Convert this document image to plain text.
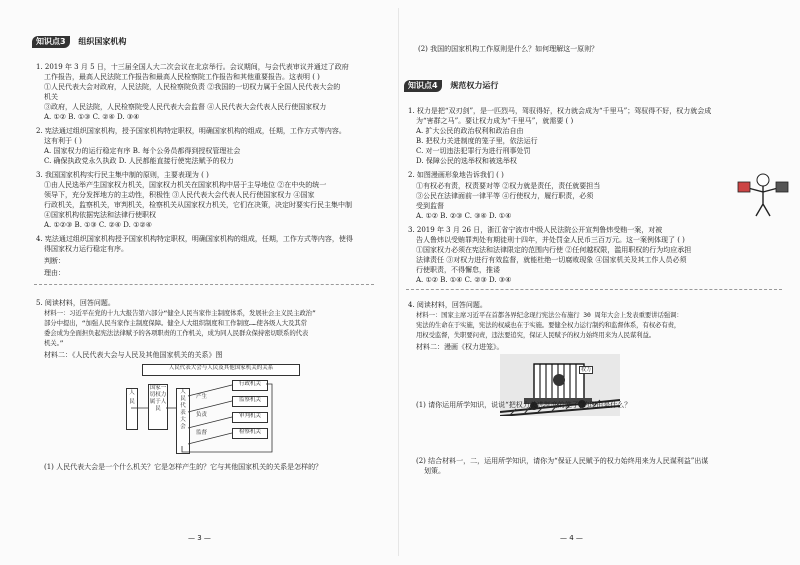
知识点3 组织国家机构
1. 2019 年 3 月 5 日，十三届全国人大二次会议在北京举行。会议期间，与会代表审议并通过了政府
工作报告，最高人民法院工作报告和最高人民检察院工作报告和其他重要报告。这表明 ( )
①人民代表大会对政府，人民法院，人民检察院负责 ②我国的一切权力属于全国人民代表大会的
机关
③政府，人民法院，人民检察院受人民代表大会监督 ④人民代表大会代表人民行使国家权力
A. ①② B. ①③ C. ②④ D. ③④
2. 宪法通过组织国家机构，授予国家机构特定职权，明确国家机构的组成，任期，工作方式等内容。
这有利于 ( )
A. 国家权力的运行稳定有序 B. 每个公务员都得到授权管理社会
C. 确保执政党永久执政 D. 人民都能直接行使宪法赋予的权力
3. 我国国家机构实行民主集中制的原则，主要表现为 ( )
①由人民选举产生国家权力机关，国家权力机关在国家机构中居于主导地位 ②在中央的统一
领导下，充分发挥地方的主动性，积极性 ③人民代表大会代表人民行使国家权力 ④国家
行政机关，监察机关，审判机关，检察机关从国家权力机关，它们在决策，决定时要实行民主集中制
④国家机构依据宪法和法律行使职权
A. ①②③ B. ①③ C. ②④ D. ①②④
4. 宪法通过组织国家机构授予国家机构特定职权，明确国家机构的组成，任期，工作方式等内容，使得
得国家权力运行稳定有序。
判断：
理由：
5. 阅读材料，回答问题。
材料一：习近平在党的十九大报告第六部分“健全人民当家作主制度体系，发展社会主义民主政治”
部分中提出，“加强人民当家作主制度保障。健全人大组织制度和工作制度……使各级人大及其常
委会成为全面担负起宪法法律赋予的各项职责的工作机关，成为同人民群众保持密切联系的代表
机关。”
材料二：《人民代表大会与人民及其他国家机关的关系》图
人民代表大会与人民及其他国家机关的关系
人 民
国家一切权力属于人民
人 民 代 表 大 会
产生
负责
监督
行政机关
监察机关
审判机关
检察机关
(1) 人民代表大会是一个什么机关？它是怎样产生的？它与其他国家机关的关系是怎样的？
— 3 —
(2) 我国的国家机构工作原则是什么？如何理解这一原则？
知识点4 规范权力运行
1. 权力是把“双刃剑”，是一匹烈马，驾驭得好，权力就会成为“千里马”；驾驭得不好，权力就会成
为“害群之马”。要让权力成为“千里马”，就需要 ( )
A. 扩大公民的政治权利和政治自由
B. 把权力关进制度的笼子里，依法运行
C. 对一切违法犯罪行为进行刑事处罚
D. 保障公民的选举权和被选举权
2. 如图漫画形象地告诉我们 ( )
①有权必有责，权责要对等 ②权力就是责任，责任就要担当
③公民在法律面前一律平等 ④行使权力，履行职责，必须
受到监督
A. ①② B. ②③ C. ③④ D. ①④
3. 2019 年 3 月 26 日，浙江省宁波市中级人民法院公开宣判鲁炜受贿一案，对被
告人鲁炜以受贿罪判处有期徒刑十四年，并处罚金人民币三百万元。这一案例体现了 ( )
①国家权力必须在宪法和法律限定的范围内行使 ②任何越权限，滥用职权的行为均应承担
法律责任 ③对权力进行有效监督，就能杜绝一切腐败现象 ④国家机关及其工作人员必须
行使职责，不得懈怠，推诿
A. ①② B. ①④ C. ②③ D. ③④
4. 阅读材料，回答问题。
材料一：国家主席习近平在首都各界纪念现行宪法公布施行 30 周年大会上发表重要讲话强调：
宪法的生命在于实施，宪法的权威也在于实施。要健全权力运行制约和监督体系，有权必有责，
用权受监督，失职要问责，违法要追究，保证人民赋予的权力始终用来为人民谋利益。
材料二：漫画《权力进笼》。
权力
(1) 请你运用所学知识，说说“把权力关进制度的笼子”的理由是什么？
(2) 结合材料一，二，运用所学知识，请你为“保证人民赋予的权力始终用来为人民谋利益”出谋
划策。
— 4 —
